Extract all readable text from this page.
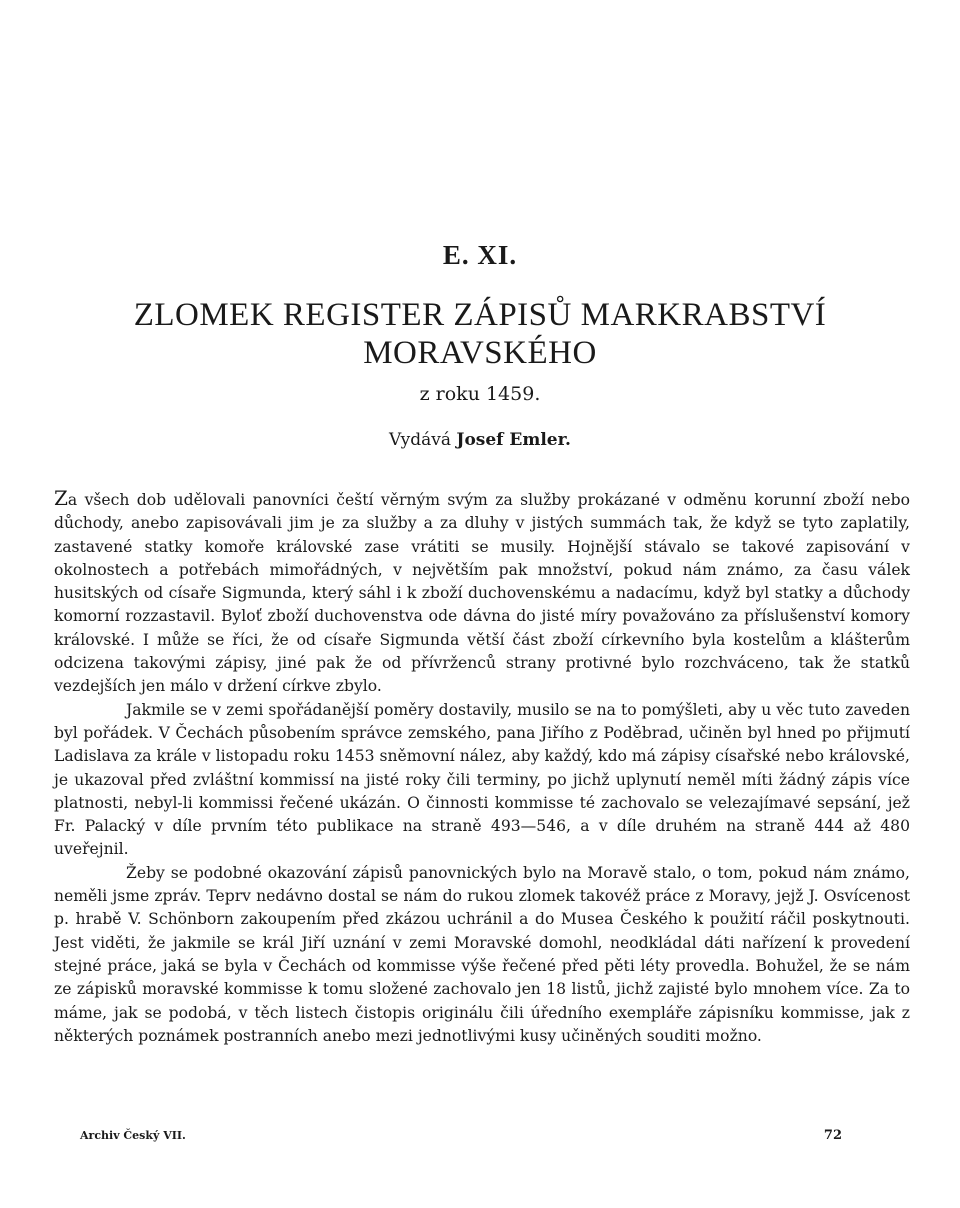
E. XI.
ZLOMEK REGISTER ZÁPISŮ MARKRABSTVÍ MORAVSKÉHO
z roku 1459.
Vydává Josef Emler.

Za všech dob udělovali panovníci čeští věrným svým za služby prokázané v odměnu korunní zboží nebo důchody, anebo zapisovávali jim je za služby a za dluhy v jistých summách tak, že když se tyto zaplatily, zastavené statky komoře královské zase vrátiti se musily. Hojnější stávalo se takové zapisování v okolnostech a potřebách mimořádných, v největším pak množství, pokud nám známo, za času válek husitských od císaře Sigmunda, který sáhl i k zboží duchovenskému a nadacímu, když byl statky a důchody komorní rozzastavil. Byloť zboží duchovenstva ode dávna do jisté míry považováno za příslušenství komory královské. I může se říci, že od císaře Sigmunda větší část zboží církevního byla kostelům a klášterům odcizena takovými zápisy, jiné pak že od přívrženců strany protivné bylo rozchváceno, tak že statků vezdejších jen málo v držení církve zbylo.

Jakmile se v zemi spořádanější poměry dostavily, musilo se na to pomýšleti, aby u věc tuto zaveden byl pořádek. V Čechách působením správce zemského, pana Jiřího z Poděbrad, učiněn byl hned po přijmutí Ladislava za krále v listopadu roku 1453 sněmovní nález, aby každý, kdo má zápisy císařské nebo královské, je ukazoval před zvláštní kommissí na jisté roky čili terminy, po jichž uplynutí neměl míti žádný zápis více platnosti, nebyl-li kommissi řečené ukázán. O činnosti kommisse té zachovalo se velezajímavé sepsání, jež Fr. Palacký v díle prvním této publikace na straně 493—546, a v díle druhém na straně 444 až 480 uveřejnil.

Žeby se podobné okazování zápisů panovnických bylo na Moravě stalo, o tom, pokud nám známo, neměli jsme zpráv. Teprv nedávno dostal se nám do rukou zlomek takovéž práce z Moravy, jejž J. Osvícenost p. hrabě V. Schönborn zakoupením před zkázou uchránil a do Musea Českého k použití ráčil poskytnouti. Jest viděti, že jakmile se král Jiří uznání v zemi Moravské domohl, neodkládal dáti nařízení k provedení stejné práce, jaká se byla v Čechách od kommisse výše řečené před pěti léty provedla. Bohužel, že se nám ze zápisků moravské kommisse k tomu složené zachovalo jen 18 listů, jichž zajisté bylo mnohem více. Za to máme, jak se podobá, v těch listech čistopis originálu čili úředního exempláře zápisníku kommisse, jak z některých poznámek postranních anebo mezi jednotlivými kusy učiněných souditi možno.

Archiv Český VII.	72
